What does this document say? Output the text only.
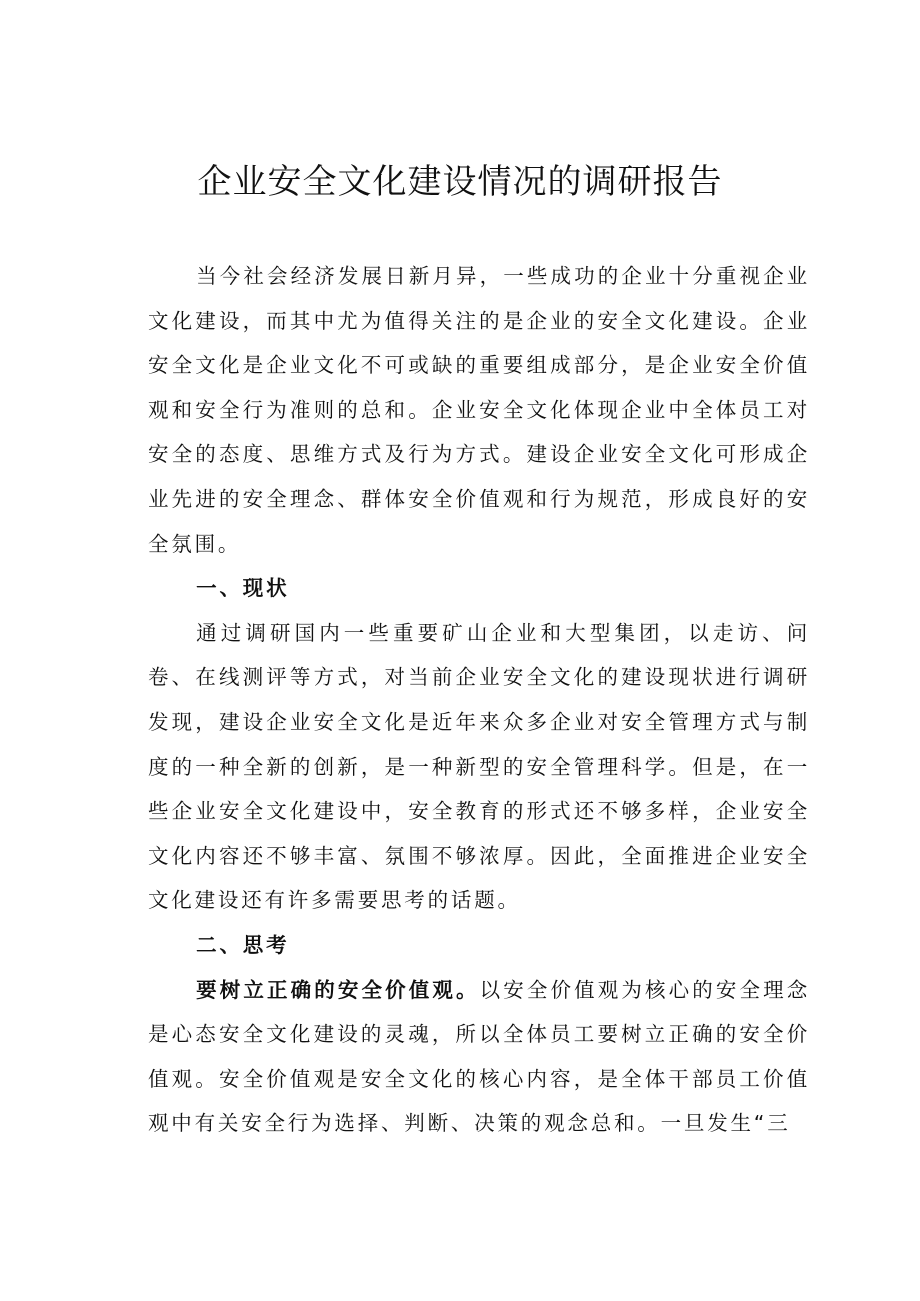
企业安全文化建设情况的调研报告

当今社会经济发展日新月异，一些成功的企业十分重视企业文化建设，而其中尤为值得关注的是企业的安全文化建设。企业安全文化是企业文化不可或缺的重要组成部分，是企业安全价值观和安全行为准则的总和。企业安全文化体现企业中全体员工对安全的态度、思维方式及行为方式。建设企业安全文化可形成企业先进的安全理念、群体安全价值观和行为规范，形成良好的安全氛围。

一、现状

通过调研国内一些重要矿山企业和大型集团，以走访、问卷、在线测评等方式，对当前企业安全文化的建设现状进行调研发现，建设企业安全文化是近年来众多企业对安全管理方式与制度的一种全新的创新，是一种新型的安全管理科学。但是，在一些企业安全文化建设中，安全教育的形式还不够多样，企业安全文化内容还不够丰富、氛围不够浓厚。因此，全面推进企业安全文化建设还有许多需要思考的话题。

二、思考

要树立正确的安全价值观。以安全价值观为核心的安全理念是心态安全文化建设的灵魂，所以全体员工要树立正确的安全价值观。安全价值观是安全文化的核心内容，是全体干部员工价值观中有关安全行为选择、判断、决策的观念总和。一旦发生“三
